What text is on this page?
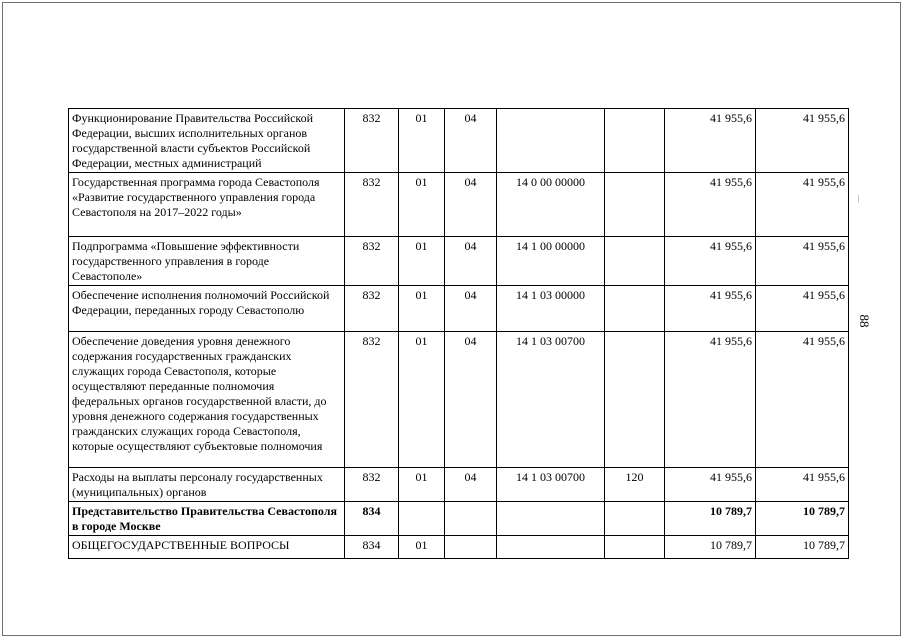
Функционирование Правительства Российской Федерации, высших исполнительных органов государственной власти субъектов Российской Федерации, местных администраций	832	01	04			41 955,6	41 955,6
Государственная программа города Севастополя «Развитие государственного управления города Севастополя на 2017–2022 годы»	832	01	04	14 0 00 00000		41 955,6	41 955,6
Подпрограмма «Повышение эффективности государственного управления в городе Севастополе»	832	01	04	14 1 00 00000		41 955,6	41 955,6
Обеспечение исполнения полномочий Российской Федерации, переданных городу Севастополю	832	01	04	14 1 03 00000		41 955,6	41 955,6
Обеспечение доведения уровня денежного содержания государственных гражданских служащих города Севастополя, которые осуществляют переданные полномочия федеральных органов государственной власти, до уровня денежного содержания государственных гражданских служащих города Севастополя, которые осуществляют субъектовые полномочия	832	01	04	14 1 03 00700		41 955,6	41 955,6
Расходы на выплаты персоналу государственных (муниципальных) органов	832	01	04	14 1 03 00700	120	41 955,6	41 955,6
Представительство Правительства Севастополя в городе Москве	834					10 789,7	10 789,7
ОБЩЕГОСУДАРСТВЕННЫЕ ВОПРОСЫ	834	01				10 789,7	10 789,7
88
